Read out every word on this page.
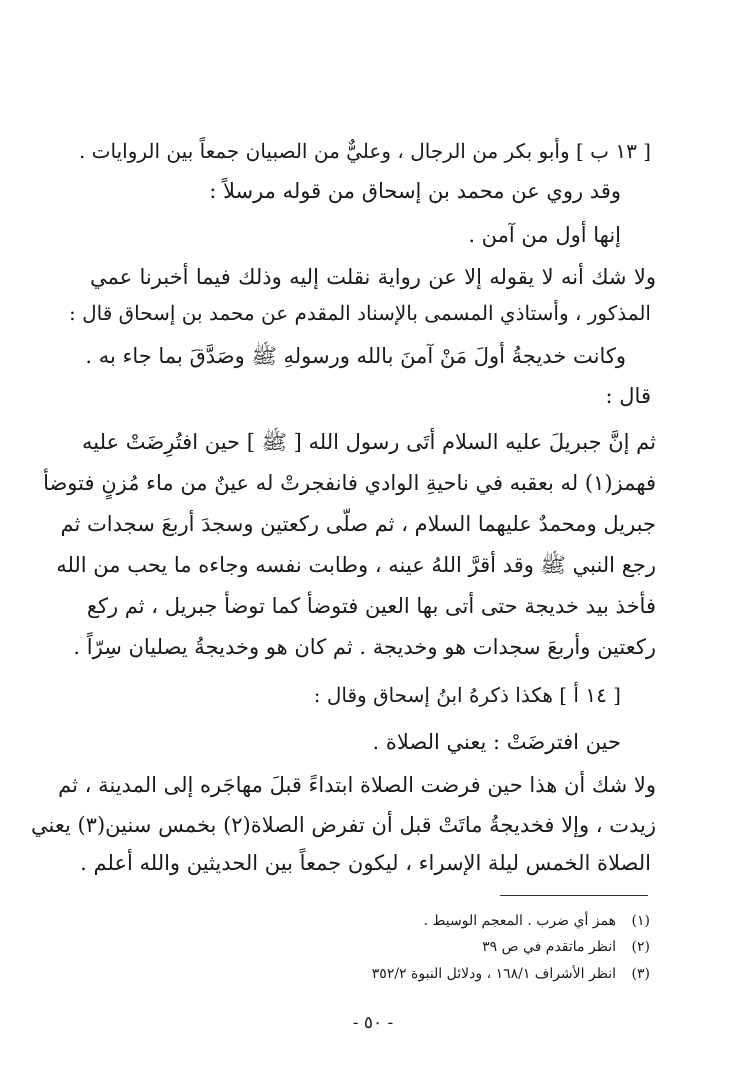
[ ١٣ ب ] وأبو بكر من الرجال ، وعليٌّ من الصبيان جمعاً بين الروايات .
وقد روي عن محمد بن إسحاق من قوله مرسلاً :
إنها أول من آمن .
ولا شك أنه لا يقوله إلا عن رواية نقلت إليه وذلك فيما أخبرنا عمي
المذكور ، وأستاذي المسمى بالإسناد المقدم عن محمد بن إسحاق قال :
وكانت خديجةُ أولَ مَنْ آمنَ بالله ورسولهِ ﷺ وصَدَّقَ بما جاء به .
قال :
ثم إنَّ جبريلَ عليه السلام أتَى رسول الله [ ﷺ ] حين افتُرِضَتْ عليه
فهمز(١) له بعقبه في ناحيةِ الوادي فانفجرتْ له عينٌ من ماء مُزنٍ فتوضأ
جبريل ومحمدٌ عليهما السلام ، ثم صلّى ركعتين وسجدَ أربعَ سجدات ثم
رجع النبي ﷺ وقد أقرَّ اللهُ عينه ، وطابت نفسه وجاءه ما يحب من الله
فأخذ بيد خديجة حتى أتى بها العين فتوضأ كما توضأ جبريل ، ثم ركع
ركعتين وأربعَ سجدات هو وخديجة . ثم كان هو وخديجةُ يصليان سِرّاً .
[ ١٤ أ ] هكذا ذكرهُ ابنُ إسحاق وقال :
حين افترضَتْ : يعني الصلاة .
ولا شك أن هذا حين فرضت الصلاة ابتداءً قبلَ مهاجَره إلى المدينة ، ثم
زيدت ، وإلا فخديجةُ ماتَتْ قبل أن تفرض الصلاة(٢) بخمس سنين(٣) يعني
الصلاة الخمس ليلة الإسراء ، ليكون جمعاً بين الحديثين والله أعلم .
(١)همز أي ضرب . المعجم الوسيط .
(٢)انظر ماتقدم في ص ٣٩
(٣)انظر الأشراف ١٦٨/١ ، ودلائل النبوة ٣٥٢/٢
- ٥٠ -
